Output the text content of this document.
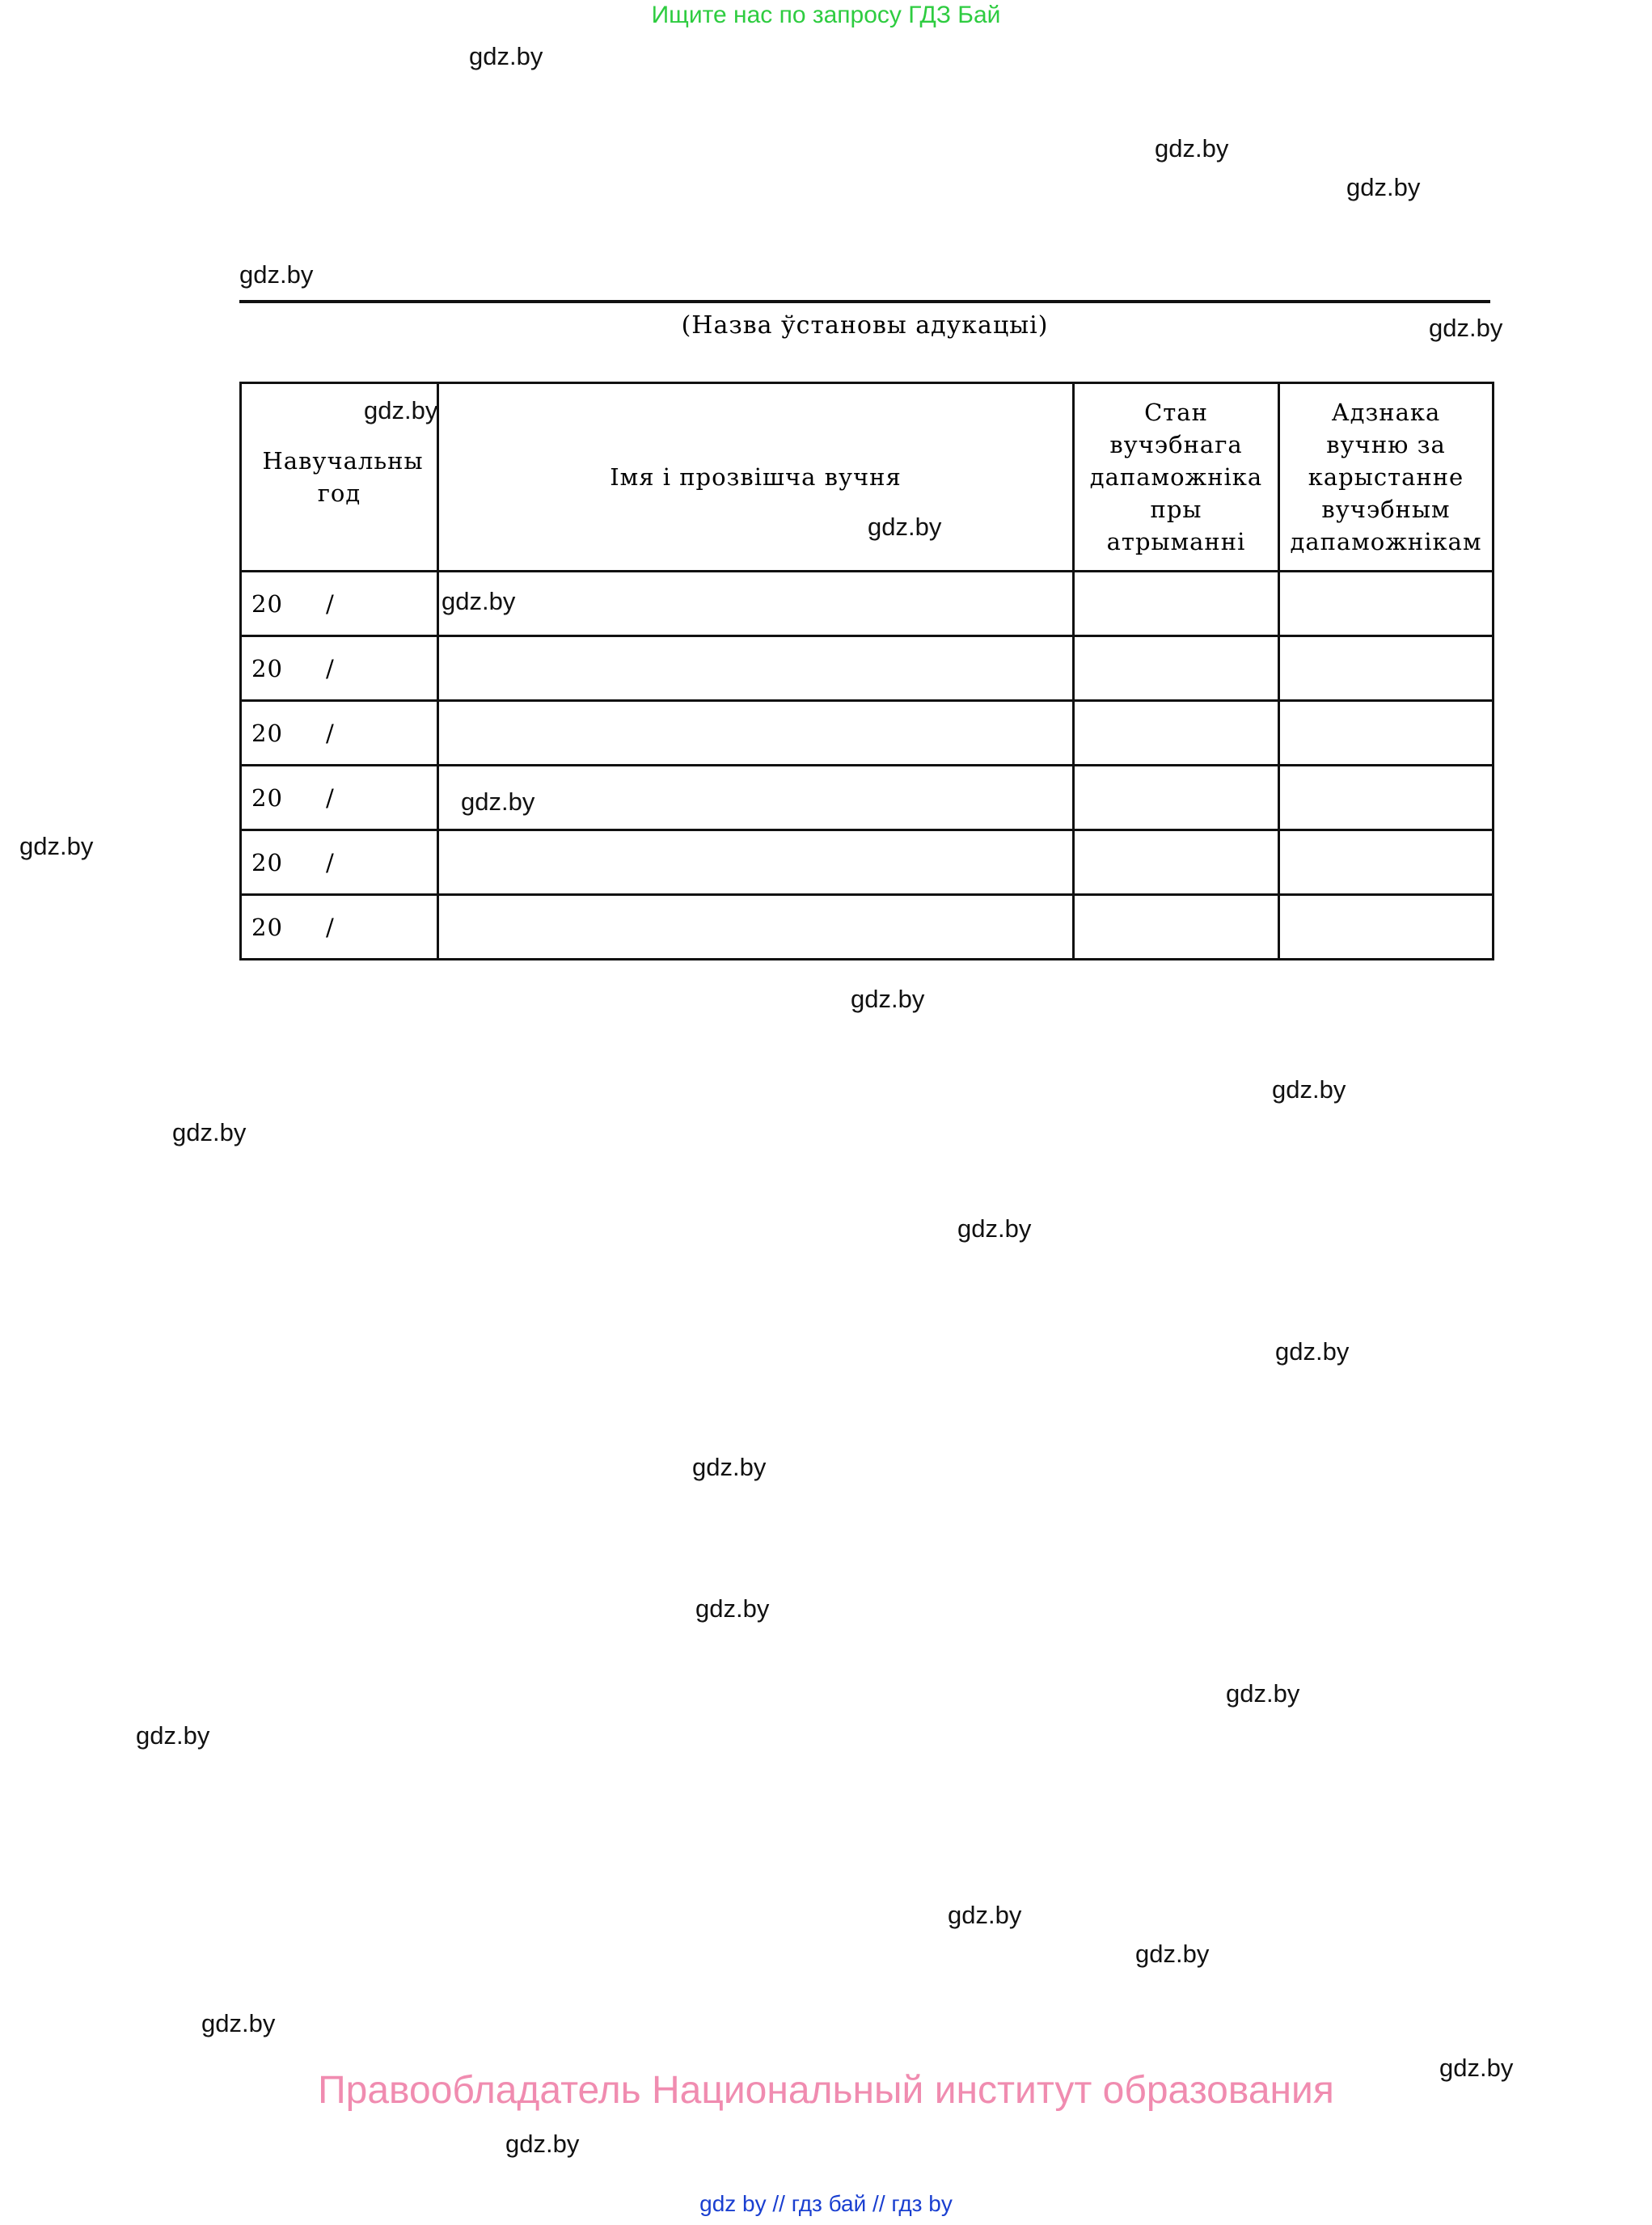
Ищите нас по запросу ГДЗ Бай
gdz.by
gdz.by
gdz.by
gdz.by
gdz.by
(Назва ўстановы адукацыі)
Навучальны год	Імя і прозвішча вучня	Стан вучэбнага дапаможніка пры атрыманні	Адзнака вучню за карыстанне вучэбным дапаможнікам

20 /			
20 /			
20 /			
20 /			
20 /			
20 /			
gdz.by
gdz.by
gdz.by
gdz.by
gdz.by
gdz.by
gdz.by
gdz.by
gdz.by
gdz.by
gdz.by
gdz.by
gdz.by
gdz.by
gdz.by
gdz.by
gdz.by
gdz.by
gdz.by
Правообладатель Национальный институт образования
gdz by // гдз бай // гдз by
